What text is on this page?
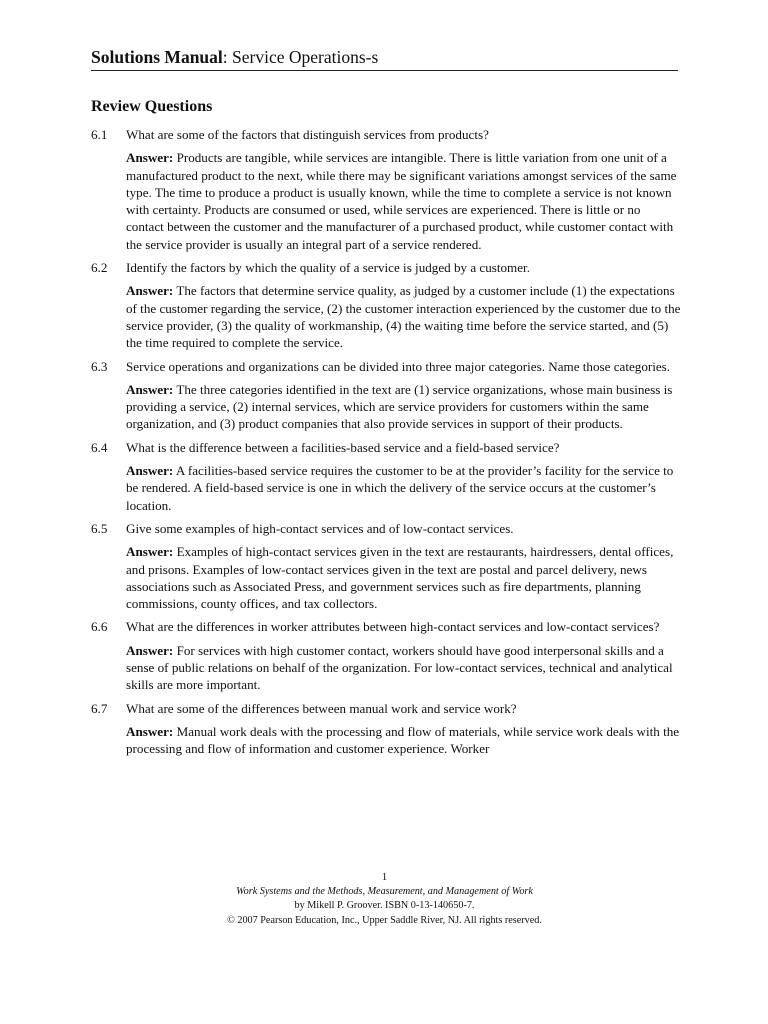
Solutions Manual: Service Operations-s
Review Questions
6.1	What are some of the factors that distinguish services from products?
Answer: Products are tangible, while services are intangible. There is little variation from one unit of a manufactured product to the next, while there may be significant variations amongst services of the same type. The time to produce a product is usually known, while the time to complete a service is not known with certainty. Products are consumed or used, while services are experienced. There is little or no contact between the customer and the manufacturer of a purchased product, while customer contact with the service provider is usually an integral part of a service rendered.
6.2	Identify the factors by which the quality of a service is judged by a customer.
Answer: The factors that determine service quality, as judged by a customer include (1) the expectations of the customer regarding the service, (2) the customer interaction experienced by the customer due to the service provider, (3) the quality of workmanship, (4) the waiting time before the service started, and (5) the time required to complete the service.
6.3	Service operations and organizations can be divided into three major categories. Name those categories.
Answer: The three categories identified in the text are (1) service organizations, whose main business is providing a service, (2) internal services, which are service providers for customers within the same organization, and (3) product companies that also provide services in support of their products.
6.4	What is the difference between a facilities-based service and a field-based service?
Answer: A facilities-based service requires the customer to be at the provider’s facility for the service to be rendered. A field-based service is one in which the delivery of the service occurs at the customer’s location.
6.5	Give some examples of high-contact services and of low-contact services.
Answer: Examples of high-contact services given in the text are restaurants, hairdressers, dental offices, and prisons. Examples of low-contact services given in the text are postal and parcel delivery, news associations such as Associated Press, and government services such as fire departments, planning commissions, county offices, and tax collectors.
6.6	What are the differences in worker attributes between high-contact services and low-contact services?
Answer: For services with high customer contact, workers should have good interpersonal skills and a sense of public relations on behalf of the organization. For low-contact services, technical and analytical skills are more important.
6.7	What are some of the differences between manual work and service work?
Answer: Manual work deals with the processing and flow of materials, while service work deals with the processing and flow of information and customer experience. Worker
1
Work Systems and the Methods, Measurement, and Management of Work
by Mikell P. Groover. ISBN 0-13-140650-7.
© 2007 Pearson Education, Inc., Upper Saddle River, NJ. All rights reserved.
